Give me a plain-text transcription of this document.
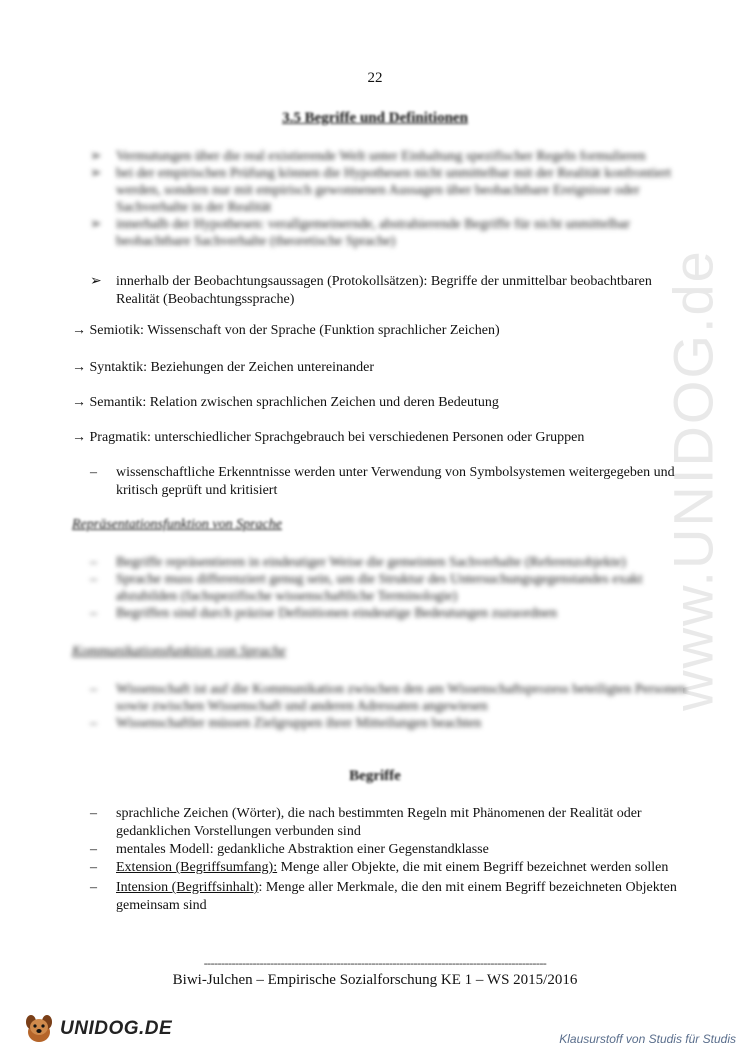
www.UNIDOG.de
22
3.5 Begriffe und Definitionen
➢	Vermutungen über die real existierende Welt unter Einhaltung spezifischer Regeln formulieren
➢	bei der empirischen Prüfung können die Hypothesen nicht unmittelbar mit der Realität konfrontiert werden, sondern nur mit empirisch gewonnenen Aussagen über beobachtbare Ereignisse oder Sachverhalte in der Realität
➢	innerhalb der Hypothesen: verallgemeinernde, abstrahierende Begriffe für nicht unmittelbar beobachtbare Sachverhalte (theoretische Sprache)
➢	innerhalb der Beobachtungsaussagen (Protokollsätzen): Begriffe der unmittelbar beobachtbaren Realität (Beobachtungssprache)
→ Semiotik: Wissenschaft von der Sprache (Funktion sprachlicher Zeichen)
→ Syntaktik: Beziehungen der Zeichen untereinander
→ Semantik: Relation zwischen sprachlichen Zeichen und deren Bedeutung
→ Pragmatik: unterschiedlicher Sprachgebrauch bei verschiedenen Personen oder Gruppen
–	wissenschaftliche Erkenntnisse werden unter Verwendung von Symbolsystemen weitergegeben und kritisch geprüft und kritisiert
Repräsentationsfunktion von Sprache
–	Begriffe repräsentieren in eindeutiger Weise die gemeinten Sachverhalte (Referenzobjekte)
–	Sprache muss differenziert genug sein, um die Struktur des Untersuchungsgegenstandes exakt abzubilden (fachspezifische wissenschaftliche Terminologie)
–	Begriffen sind durch präzise Definitionen eindeutige Bedeutungen zuzuordnen
Kommunikationsfunktion von Sprache
–	Wissenschaft ist auf die Kommunikation zwischen den am Wissenschaftsprozess beteiligten Personen sowie zwischen Wissenschaft und anderen Adressaten angewiesen
–	Wissenschaftler müssen Zielgruppen ihrer Mitteilungen beachten
Begriffe
–	sprachliche Zeichen (Wörter), die nach bestimmten Regeln mit Phänomenen der Realität oder gedanklichen Vorstellungen verbunden sind
–	mentales Modell: gedankliche Abstraktion einer Gegenstandklasse
–	Extension (Begriffsumfang): Menge aller Objekte, die mit einem Begriff bezeichnet werden sollen
–	Intension (Begriffsinhalt): Menge aller Merkmale, die den mit einem Begriff bezeichneten Objekten gemeinsam sind
--------------------------------------------------------------------------------------------------
Biwi-Julchen – Empirische Sozialforschung KE 1 – WS 2015/2016
UNIDOG.DE	Klausurstoff von Studis für Studis
